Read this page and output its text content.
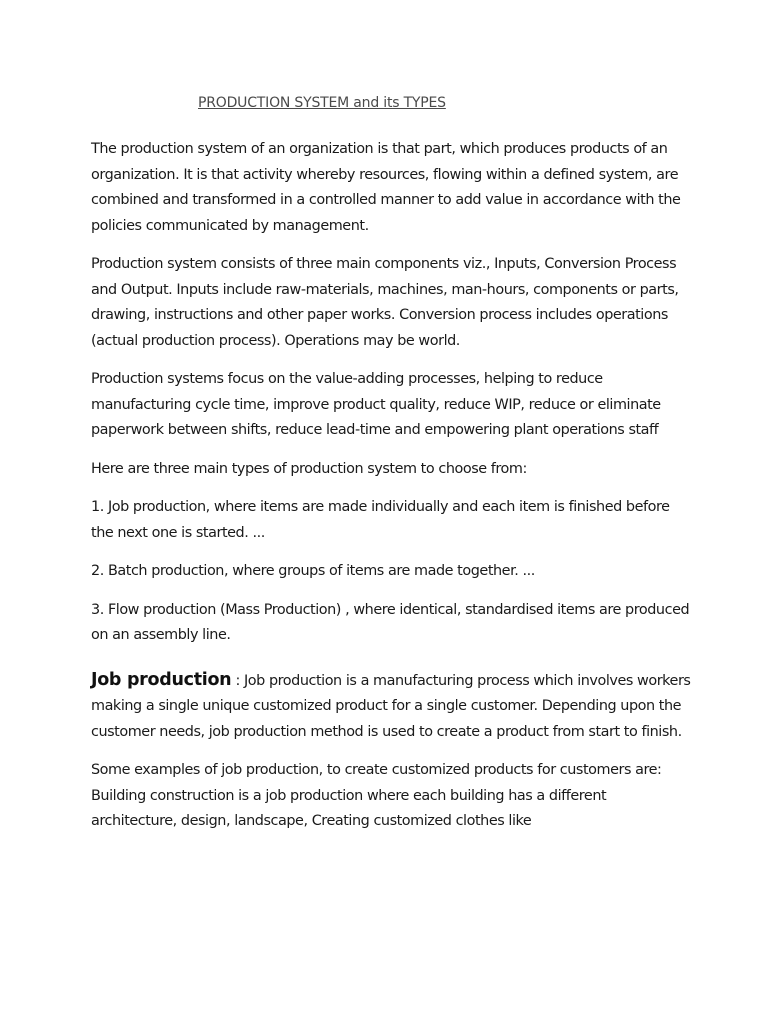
PRODUCTION SYSTEM and its TYPES

The production system of an organization is that part, which produces products of an organization. It is that activity whereby resources, flowing within a defined system, are combined and transformed in a controlled manner to add value in accordance with the policies communicated by management.

Production system consists of three main components viz., Inputs, Conversion Process and Output. Inputs include raw-materials, machines, man-hours, components or parts, drawing, instructions and other paper works. Conversion process includes operations (actual production process). Operations may be world.

Production systems focus on the value-adding processes, helping to reduce manufacturing cycle time, improve product quality, reduce WIP, reduce or eliminate paperwork between shifts, reduce lead-time and empowering plant operations staff

Here are three main types of production system to choose from:

1. Job production, where items are made individually and each item is finished before the next one is started. ...

2. Batch production, where groups of items are made together. ...

3. Flow production (Mass Production) , where identical, standardised items are produced on an assembly line.

Job production : Job production is a manufacturing process which involves workers making a single unique customized product for a single customer. Depending upon the customer needs, job production method is used to create a product from start to finish.

Some examples of job production, to create customized products for customers are: Building construction is a job production where each building has a different architecture, design, landscape, Creating customized clothes like
